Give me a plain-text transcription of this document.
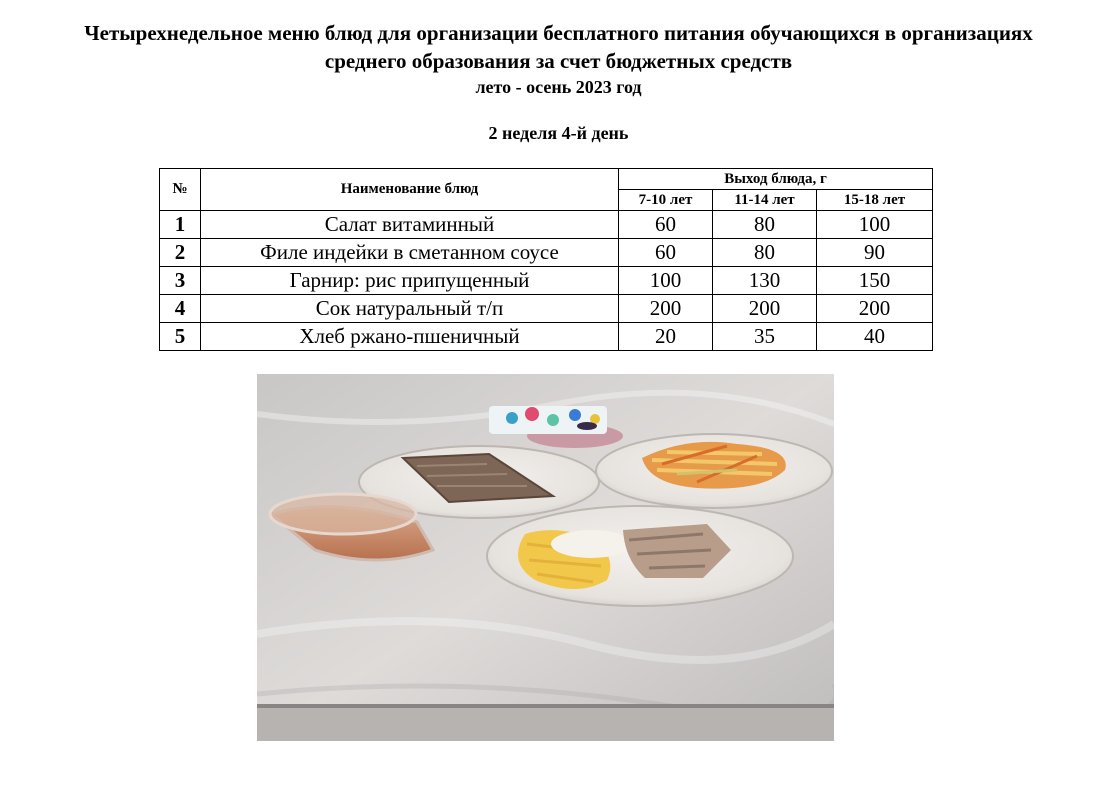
Четырехнедельное меню блюд для организации бесплатного питания обучающихся в организациях
среднего образования за счет бюджетных средств
лето - осень 2023 год
2 неделя 4-й день
№	Наименование блюд	Выход блюда, г		
		7-10 лет	11-14 лет	15-18 лет
1	Салат витаминный	60	80	100
2	Филе индейки в сметанном соусе	60	80	90
3	Гарнир: рис припущенный	100	130	150
4	Сок натуральный т/п	200	200	200
5	Хлеб ржано-пшеничный	20	35	40
